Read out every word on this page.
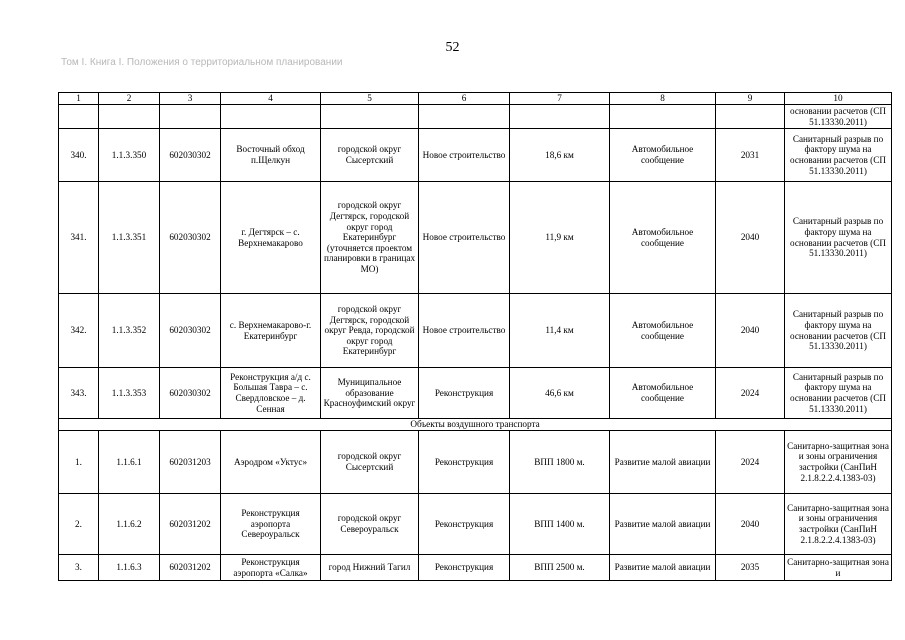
52
Том I. Книга I. Положения о территориальном планировании
1	2	3	4	5	6	7	8	9	10
									основании расчетов (СП 51.13330.2011)
340.	1.1.3.350	602030302	Восточный обход п.Щелкун	городской округ Сысертский	Новое строительство	18,6 км	Автомобильное сообщение	2031	Санитарный разрыв по фактору шума на основании расчетов (СП 51.13330.2011)
341.	1.1.3.351	602030302	г. Дегтярск – с. Верхнемакарово	городской округ Дегтярск, городской округ город Екатеринбург (уточняется проектом планировки в границах МО)	Новое строительство	11,9 км	Автомобильное сообщение	2040	Санитарный разрыв по фактору шума на основании расчетов (СП 51.13330.2011)
342.	1.1.3.352	602030302	с. Верхнемакарово-г. Екатеринбург	городской округ Дегтярск, городской округ Ревда, городской округ город Екатеринбург	Новое строительство	11,4 км	Автомобильное сообщение	2040	Санитарный разрыв по фактору шума на основании расчетов (СП 51.13330.2011)
343.	1.1.3.353	602030302	Реконструкция а/д с. Большая Тавра – с. Свердловское – д. Сенная	Муниципальное образование Красноуфимский округ	Реконструкция	46,6 км	Автомобильное сообщение	2024	Санитарный разрыв по фактору шума на основании расчетов (СП 51.13330.2011)
Объекты воздушного транспорта									
1.	1.1.6.1	602031203	Аэродром «Уктус»	городской округ Сысертский	Реконструкция	ВПП 1800 м.	Развитие малой авиации	2024	Санитарно-защитная зона и зоны ограничения застройки (СанПиН 2.1.8.2.2.4.1383-03)
2.	1.1.6.2	602031202	Реконструкция аэропорта Североуральск	городской округ Североуральск	Реконструкция	ВПП 1400 м.	Развитие малой авиации	2040	Санитарно-защитная зона и зоны ограничения застройки (СанПиН 2.1.8.2.2.4.1383-03)
3.	1.1.6.3	602031202	Реконструкция аэропорта «Салка»	город Нижний Тагил	Реконструкция	ВПП 2500 м.	Развитие малой авиации	2035	Санитарно-защитная зона и
